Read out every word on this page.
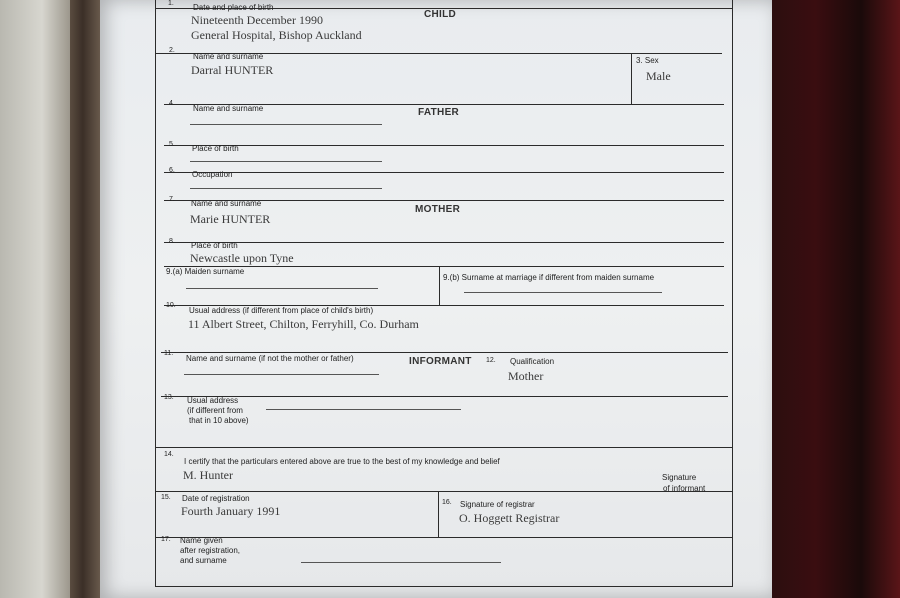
CHILD
FATHER
MOTHER
INFORMANT
1. Date and place of birth
Nineteenth December 1990
General Hospital, Bishop Auckland
2.
Name and surname
Darral HUNTER
3. Sex
Male
4.
Name and surname
5. Place of birth
6. Occupation
7. Name and surname
Marie HUNTER
8. Place of birth
Newcastle upon Tyne
9.(a) Maiden surname
9.(b) Surname at marriage if different from maiden surname
10.
Usual address (if different from place of child's birth)
11 Albert Street, Chilton, Ferryhill, Co. Durham
11.
Name and surname (if not the mother or father)	12. Qualification
Mother
13. Usual address
(if different from
that in 10 above)
14.
I certify that the particulars entered above are true to the best of my knowledge and belief
M. Hunter	Signature
of informant
15. Date of registration
Fourth January 1991
16. Signature of registrar
O. Hoggett Registrar
17. Name given
after registration,
and surname
